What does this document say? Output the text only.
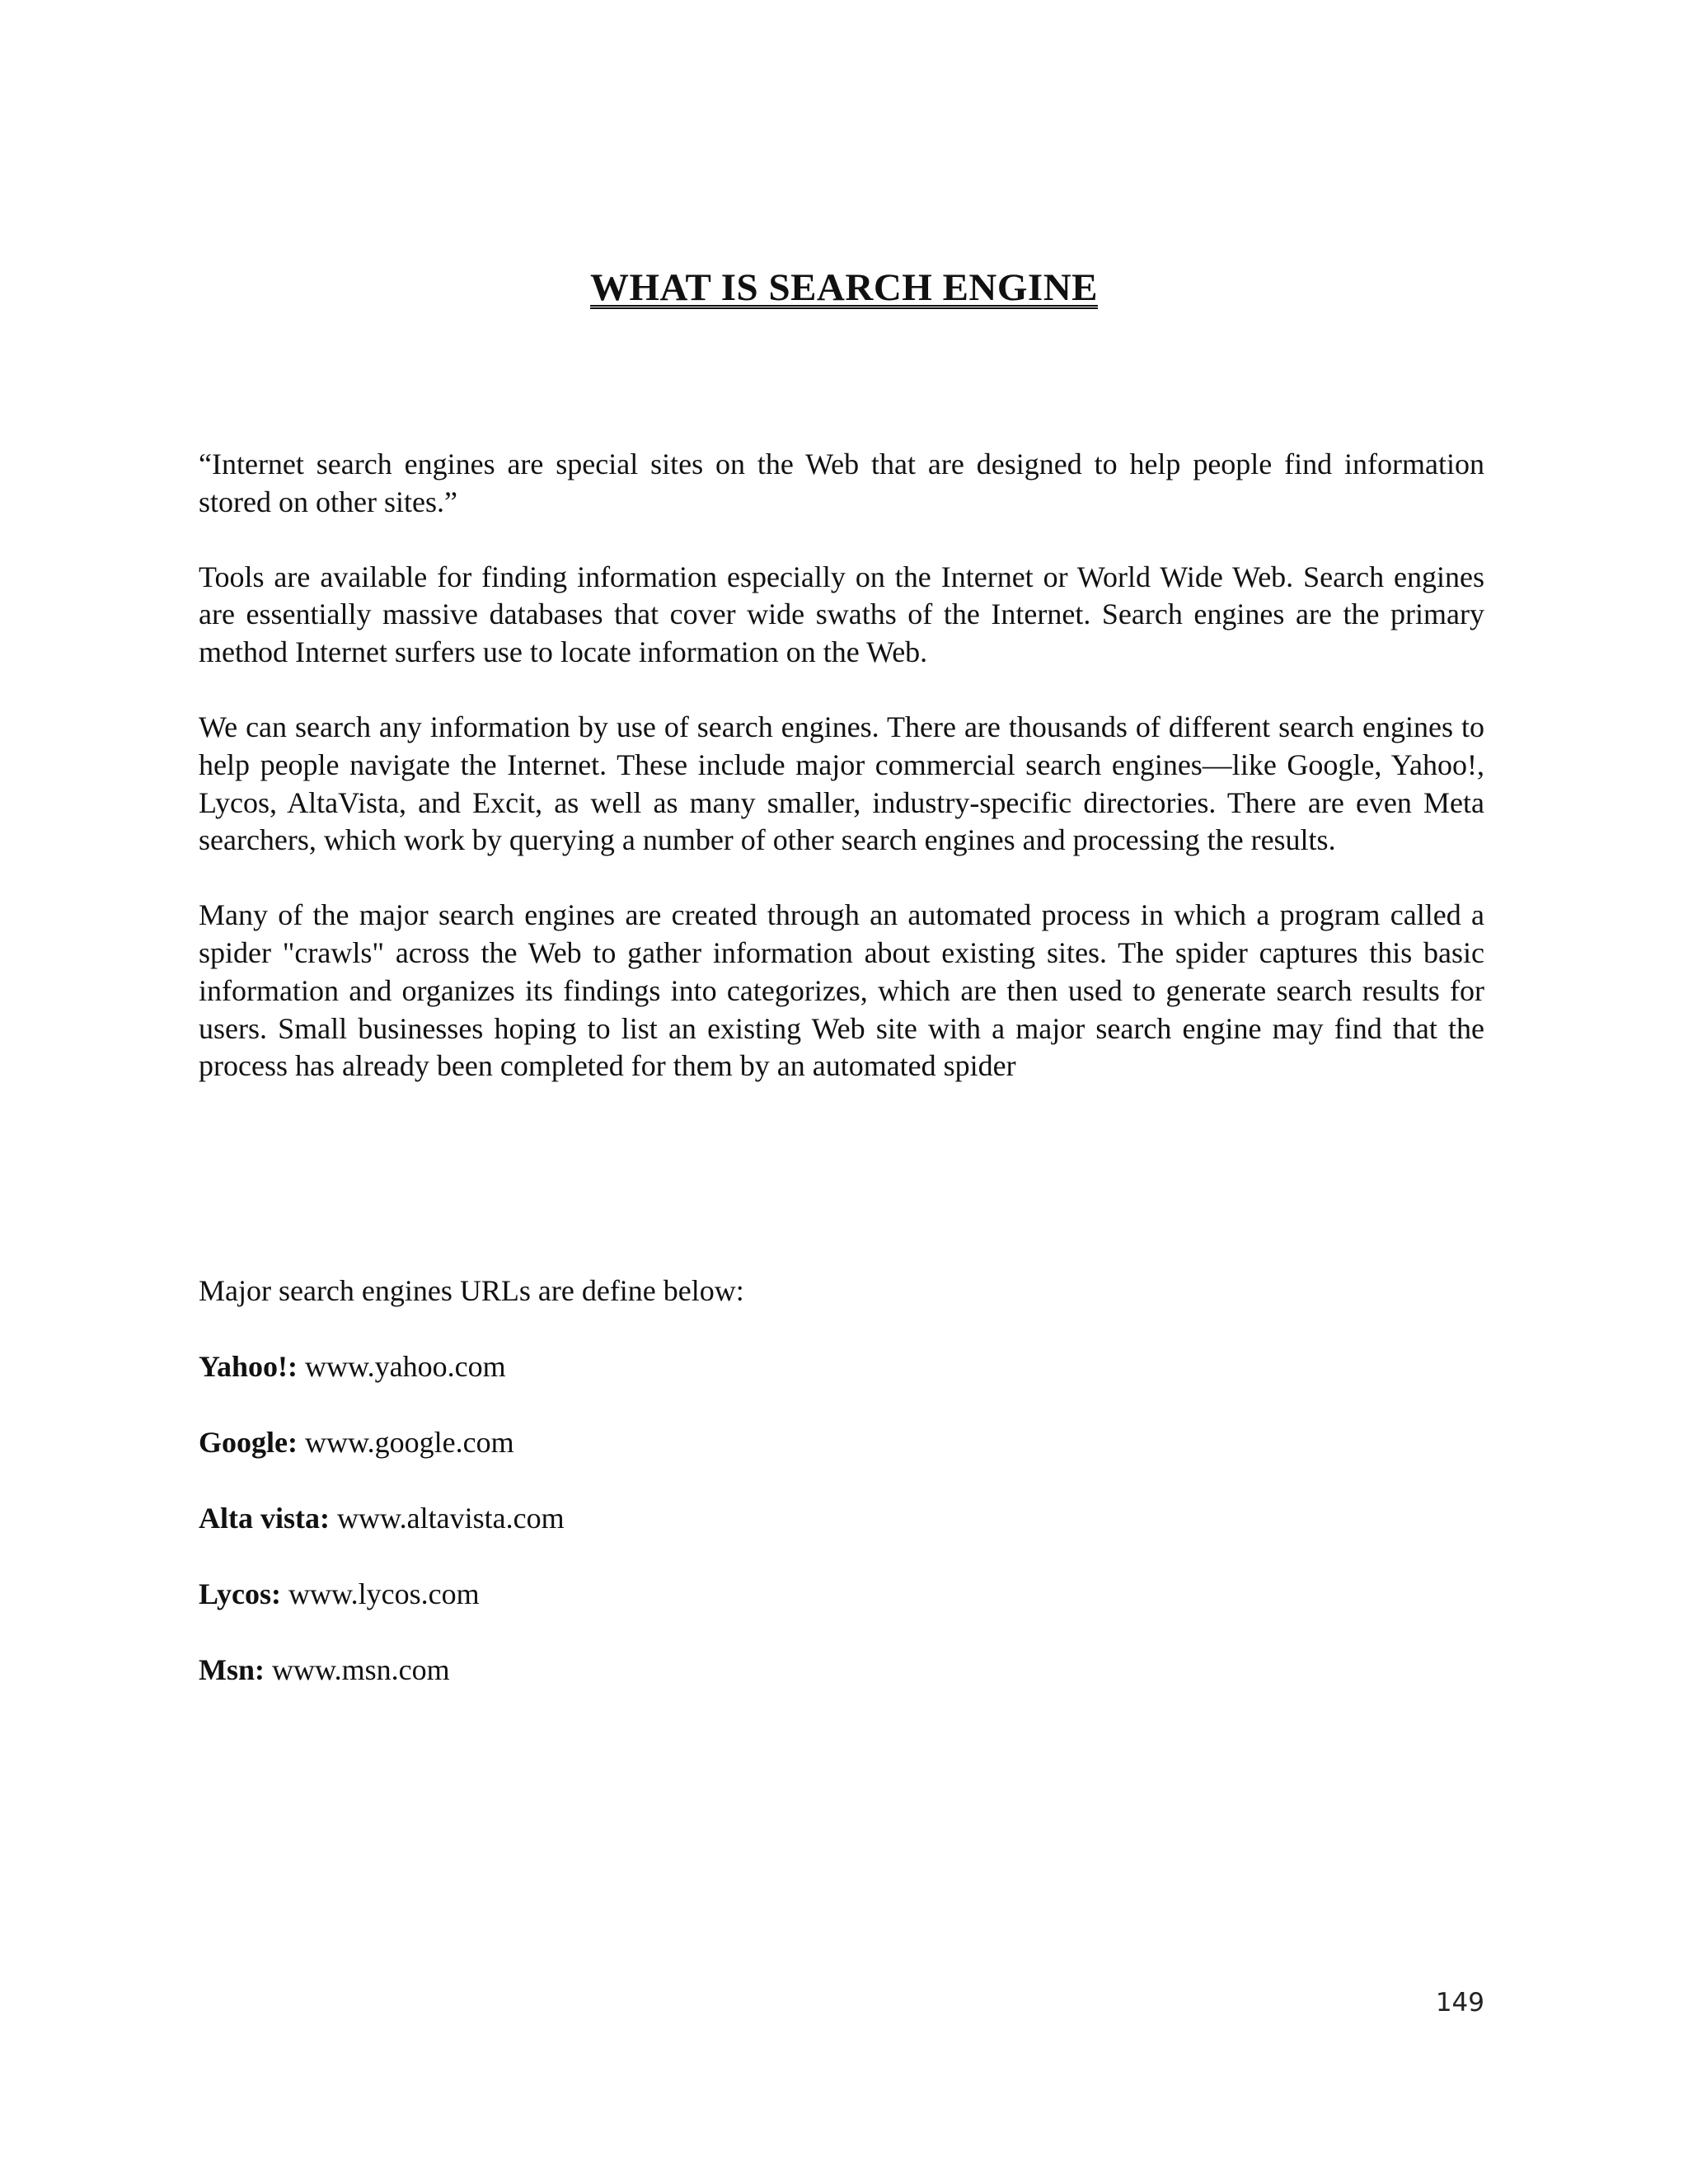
WHAT IS SEARCH ENGINE

“Internet search engines are special sites on the Web that are designed to help people find information stored on other sites.”

Tools are available for finding information especially on the Internet or World Wide Web. Search engines are essentially massive databases that cover wide swaths of the Internet. Search engines are the primary method Internet surfers use to locate information on the Web.

We can search any information by use of search engines. There are thousands of different search engines to help people navigate the Internet. These include major commercial search engines—like Google, Yahoo!, Lycos, AltaVista, and Excit, as well as many smaller, industry-specific directories. There are even Meta searchers, which work by querying a number of other search engines and processing the results.

Many of the major search engines are created through an automated process in which a program called a spider "crawls" across the Web to gather information about existing sites. The spider captures this basic information and organizes its findings into categorizes, which are then used to generate search results for users. Small businesses hoping to list an existing Web site with a major search engine may find that the process has already been completed for them by an automated spider

Major search engines URLs are define below:
Yahoo!: www.yahoo.com
Google: www.google.com
Alta vista: www.altavista.com
Lycos: www.lycos.com
Msn: www.msn.com
149
